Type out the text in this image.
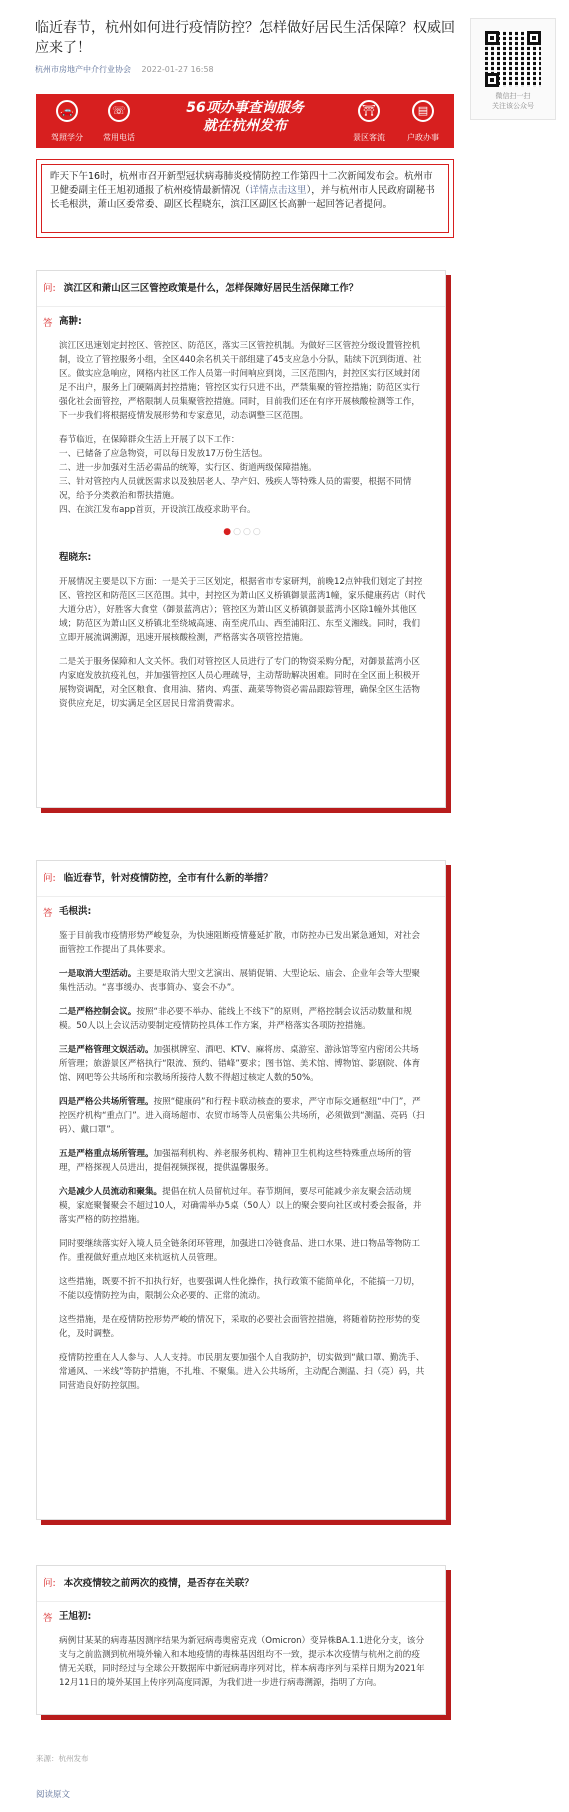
临近春节，杭州如何进行疫情防控？怎样做好居民生活保障？权威回应来了！
杭州市房地产中介行业协会 2022-01-27 16:58
微信扫一扫
关注该公众号
🚗
驾照学分
☏
常用电话
56项办事查询服务
就在杭州发布
⛩
景区客流
▤
户政办事
昨天下午16时，杭州市召开新型冠状病毒肺炎疫情防控工作第四十二次新闻发布会。杭州市卫健委副主任王旭初通报了杭州疫情最新情况（详情点击这里），并与杭州市人民政府副秘书长毛根洪，萧山区委常委、副区长程晓东，滨江区副区长高翀一起回答记者提问。
问: 滨江区和萧山区三区管控政策是什么，怎样保障好居民生活保障工作？
答 高翀:

滨江区迅速划定封控区、管控区、防范区，落实三区管控机制。为做好三区管控分级设置管控机制，设立了管控服务小组，全区440余名机关干部组建了45支应急小分队，陆续下沉到街道、社区。做实应急响应，网格内社区工作人员第一时间响应到岗，三区范围内，封控区实行区域封闭足不出户，服务上门硬隔离封控措施；管控区实行只进不出，严禁集聚的管控措施；防范区实行强化社会面管控，严格限制人员集聚管控措施。同时，目前我们还在有序开展核酸检测等工作，下一步我们将根据疫情发展形势和专家意见，动态调整三区范围。

春节临近，在保障群众生活上开展了以下工作：
一、已储备了应急物资，可以每日发放17万份生活包。
二、进一步加强对生活必需品的统筹，实行区、街道两级保障措施。
三、针对管控内人员就医需求以及独居老人、孕产妇、残疾人等特殊人员的需要，根据不同情况，给予分类救治和帮扶措施。
四、在滨江发布app首页，开设滨江战疫求助平台。

●○○○
程晓东:

开展情况主要是以下方面：一是关于三区划定，根据省市专家研判，前晚12点钟我们划定了封控区、管控区和防范区三区范围。其中，封控区为萧山区义桥镇御景蓝湾1幢，家乐健康药店（时代大道分店），好胜客大食堂（御景蓝湾店）；管控区为萧山区义桥镇御景蓝湾小区除1幢外其他区域；防范区为萧山区义桥镇北至绕城高速、南至虎爪山、西至浦阳江、东至义湘线。同时，我们立即开展流调溯源，迅速开展核酸检测，严格落实各项管控措施。

二是关于服务保障和人文关怀。我们对管控区人员进行了专门的物资采购分配，对御景蓝湾小区内家庭发放抗疫礼包，并加强管控区人员心理疏导，主动帮助解决困难。同时在全区面上积极开展物资调配，对全区粮食、食用油、猪肉、鸡蛋、蔬菜等物资必需品跟踪管理，确保全区生活物资供应充足，切实满足全区居民日常消费需求。

问: 临近春节，针对疫情防控，全市有什么新的举措？
答 毛根洪:

鉴于目前我市疫情形势严峻复杂，为快速阻断疫情蔓延扩散，市防控办已发出紧急通知，对社会面管控工作提出了具体要求。

一是取消大型活动。主要是取消大型文艺演出、展销促销、大型论坛、庙会、企业年会等大型聚集性活动。“喜事缓办、丧事简办、宴会不办”。

二是严格控制会议。按照“非必要不举办、能线上不线下”的原则，严格控制会议活动数量和规模。50人以上会议活动要制定疫情防控具体工作方案，并严格落实各项防控措施。

三是严格管理文娱活动。加强棋牌室、酒吧、KTV、麻将房、桌游室、游泳馆等室内密闭公共场所管理；旅游景区严格执行“限流、预约、错峰”要求；图书馆、美术馆、博物馆、影剧院、体育馆、网吧等公共场所和宗教场所接待人数不得超过核定人数的50%。

四是严格公共场所管理。按照“健康码”和行程卡联动核查的要求，严守市际交通枢纽“中门”，严控医疗机构“重点门”。进入商场超市、农贸市场等人员密集公共场所，必须做到“测温、亮码（扫码）、戴口罩”。

五是严格重点场所管理。加强福利机构、养老服务机构、精神卫生机构这些特殊重点场所的管理，严格探视人员进出，提倡视频探视，提供温馨服务。

六是减少人员流动和聚集。提倡在杭人员留杭过年。春节期间，要尽可能减少亲友聚会活动规模，家庭聚餐聚会不超过10人，对确需举办5桌（50人）以上的聚会要向社区或村委会报备，并落实严格的防控措施。

同时要继续落实好入境人员全链条闭环管理，加强进口冷链食品、进口水果、进口物品等物防工作。重视做好重点地区来杭返杭人员管理。

这些措施，既要不折不扣执行好，也要强调人性化操作，执行政策不能简单化，不能搞一刀切，不能以疫情防控为由，限制公众必要的、正常的流动。

这些措施，是在疫情防控形势严峻的情况下，采取的必要社会面管控措施，将随着防控形势的变化，及时调整。

疫情防控重在人人参与、人人支持。市民朋友要加强个人自我防护，切实做到“戴口罩、勤洗手、常通风、一米线”等防护措施，不扎堆、不聚集。进入公共场所，主动配合测温、扫（亮）码，共同营造良好防控氛围。

问: 本次疫情较之前两次的疫情，是否存在关联？
答 王旭初:

病例甘某某的病毒基因测序结果为新冠病毒奥密克戎（Omicron）变异株BA.1.1进化分支，该分支与之前监测到杭州境外输入和本地疫情的毒株基因组均不一致，提示本次疫情与杭州之前的疫情无关联，同时经过与全球公开数据库中新冠病毒序列对比，样本病毒序列与采样日期为2021年12月11日的境外某国上传序列高度同源，为我们进一步进行病毒溯源，指明了方向。

来源：杭州发布
阅读原文
